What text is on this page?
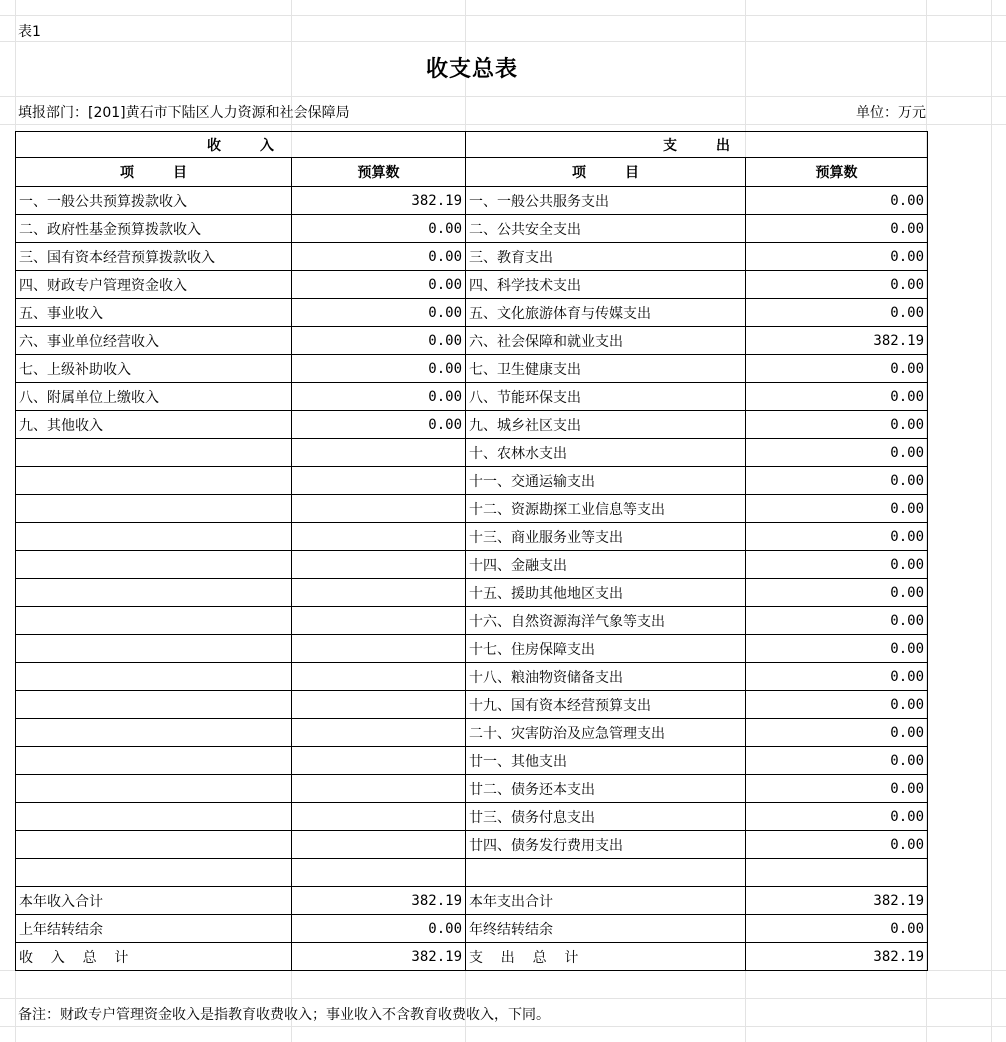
表1
收支总表
填报部门：[201]黄石市下陆区人力资源和社会保障局	单位：万元
收        入		支        出	
项        目	预算数	项        目	预算数
一、一般公共预算拨款收入	382.19	一、一般公共服务支出	0.00
二、政府性基金预算拨款收入	0.00	二、公共安全支出	0.00
三、国有资本经营预算拨款收入	0.00	三、教育支出	0.00
四、财政专户管理资金收入	0.00	四、科学技术支出	0.00
五、事业收入	0.00	五、文化旅游体育与传媒支出	0.00
六、事业单位经营收入	0.00	六、社会保障和就业支出	382.19
七、上级补助收入	0.00	七、卫生健康支出	0.00
八、附属单位上缴收入	0.00	八、节能环保支出	0.00
九、其他收入	0.00	九、城乡社区支出	0.00
		十、农林水支出	0.00
		十一、交通运输支出	0.00
		十二、资源勘探工业信息等支出	0.00
		十三、商业服务业等支出	0.00
		十四、金融支出	0.00
		十五、援助其他地区支出	0.00
		十六、自然资源海洋气象等支出	0.00
		十七、住房保障支出	0.00
		十八、粮油物资储备支出	0.00
		十九、国有资本经营预算支出	0.00
		二十、灾害防治及应急管理支出	0.00
		廿一、其他支出	0.00
		廿二、债务还本支出	0.00
		廿三、债务付息支出	0.00
		廿四、债务发行费用支出	0.00

本年收入合计	382.19	本年支出合计	382.19
上年结转结余	0.00	年终结转结余	0.00
收    入    总    计	382.19	支    出    总    计	382.19
备注：财政专户管理资金收入是指教育收费收入；事业收入不含教育收费收入，下同。
